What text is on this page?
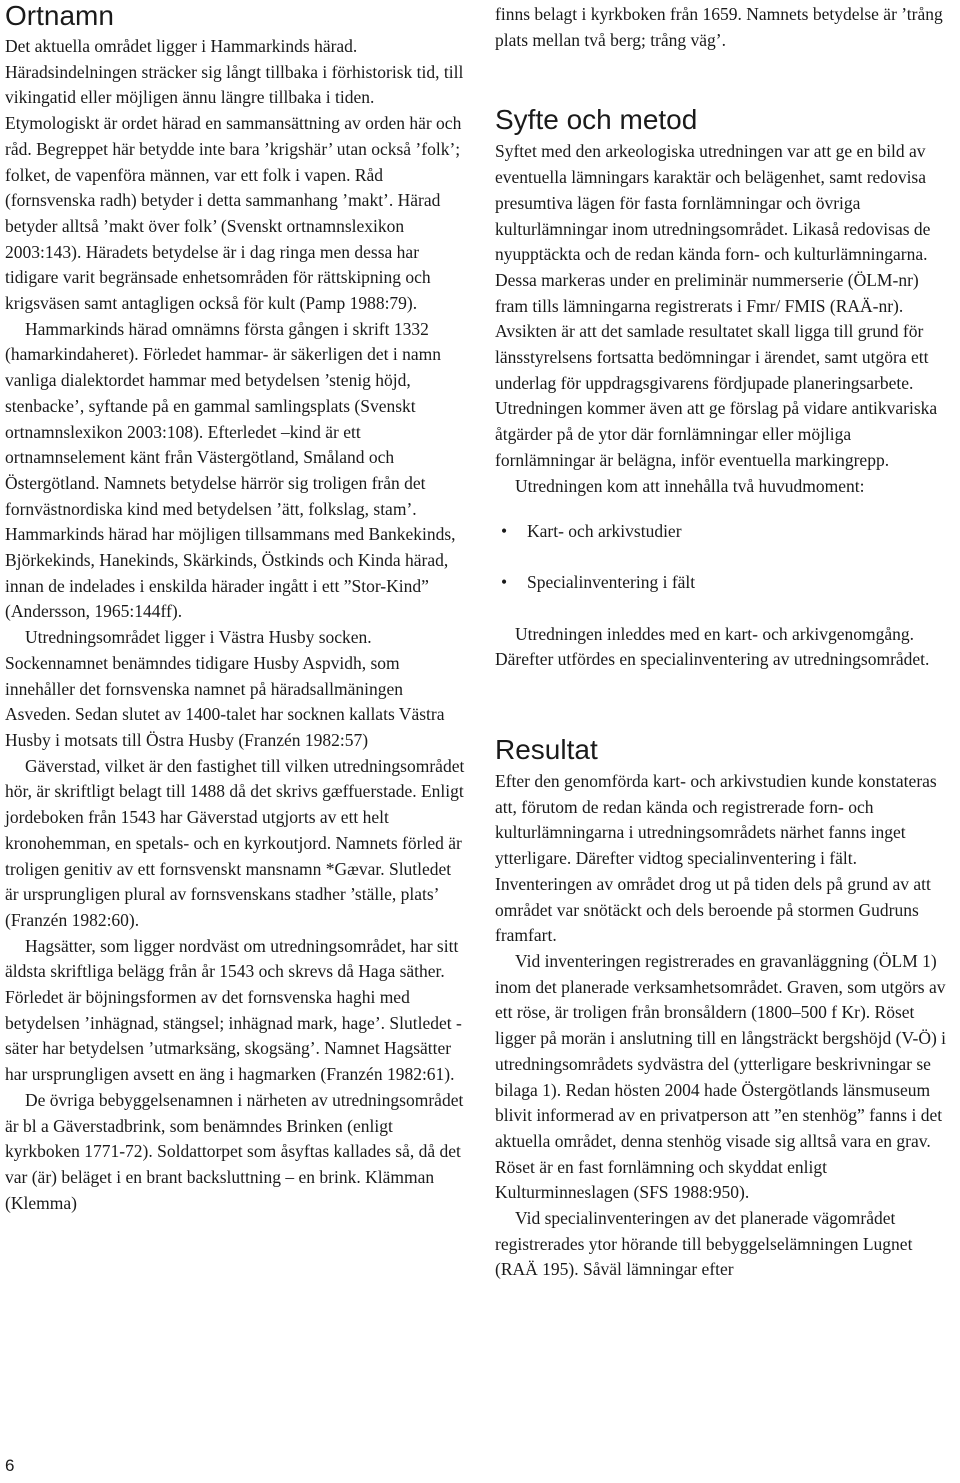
Ortnamn

Det aktuella området ligger i Hammarkinds härad. Häradsindelningen sträcker sig långt tillbaka i förhistorisk tid, till vikingatid eller möjligen ännu längre tillbaka i tiden. Etymologiskt är ordet härad en sammansättning av orden här och råd. Begreppet här betydde inte bara ’krigshär’ utan också ’folk’; folket, de vapenföra männen, var ett folk i vapen. Råd (fornsvenska radh) betyder i detta sammanhang ’makt’. Härad betyder alltså ’makt över folk’ (Svenskt ortnamnslexikon 2003:143). Häradets betydelse är i dag ringa men dessa har tidigare varit begränsade enhetsområden för rättskipning och krigsväsen samt antagligen också för kult (Pamp 1988:79).

Hammarkinds härad omnämns första gången i skrift 1332 (hamarkindaheret). Förledet hammar- är säkerligen det i namn vanliga dialektordet hammar med betydelsen ’stenig höjd, stenbacke’, syftande på en gammal samlingsplats (Svenskt ortnamnslexikon 2003:108). Efterledet –kind är ett ortnamnselement känt från Västergötland, Småland och Östergötland. Namnets betydelse härrör sig troligen från det fornvästnordiska kind med betydelsen ’ätt, folkslag, stam’. Hammarkinds härad har möjligen tillsammans med Bankekinds, Björkekinds, Hanekinds, Skärkinds, Östkinds och Kinda härad, innan de indelades i enskilda härader ingått i ett ”Stor-Kind” (Andersson, 1965:144ff).

Utredningsområdet ligger i Västra Husby socken. Sockennamnet benämndes tidigare Husby Aspvidh, som innehåller det fornsvenska namnet på häradsallmäningen Asveden. Sedan slutet av 1400-talet har socknen kallats Västra Husby i motsats till Östra Husby (Franzén 1982:57)

Gäverstad, vilket är den fastighet till vilken utredningsområdet hör, är skriftligt belagt till 1488 då det skrivs gæffuerstade. Enligt jordeboken från 1543 har Gäverstad utgjorts av ett helt kronohemman, en spetals- och en kyrkoutjord. Namnets förled är troligen genitiv av ett fornsvenskt mansnamn *Gævar. Slutledet är ursprungligen plural av fornsvenskans stadher ’ställe, plats’ (Franzén 1982:60).

Hagsätter, som ligger nordväst om utredningsområdet, har sitt äldsta skriftliga belägg från år 1543 och skrevs då Haga säther. Förledet är böjningsformen av det fornsvenska haghi med betydelsen ’inhägnad, stängsel; inhägnad mark, hage’. Slutledet -säter har betydelsen ’utmarksäng, skogsäng’. Namnet Hagsätter har ursprungligen avsett en äng i hagmarken (Franzén 1982:61).

De övriga bebyggelsenamnen i närheten av utredningsområdet är bl a Gäverstadbrink, som benämndes Brinken (enligt kyrkboken 1771-72). Soldattorpet som åsyftas kallades så, då det var (är) beläget i en brant backsluttning – en brink. Klämman (Klemma)

finns belagt i kyrkboken från 1659. Namnets betydelse är ’trång plats mellan två berg; trång väg’.

Syfte och metod

Syftet med den arkeologiska utredningen var att ge en bild av eventuella lämningars karaktär och belägenhet, samt redovisa presumtiva lägen för fasta fornlämningar och övriga kulturlämningar inom utredningsområdet. Likaså redovisas de nyupptäckta och de redan kända forn- och kulturlämningarna. Dessa markeras under en preliminär nummerserie (ÖLM-nr) fram tills lämningarna registrerats i Fmr/ FMIS (RAÄ-nr). Avsikten är att det samlade resultatet skall ligga till grund för länsstyrelsens fortsatta bedömningar i ärendet, samt utgöra ett underlag för uppdragsgivarens fördjupade planeringsarbete. Utredningen kommer även att ge förslag på vidare antikvariska åtgärder på de ytor där fornlämningar eller möjliga fornlämningar är belägna, inför eventuella markingrepp.

Utredningen kom att innehålla två huvudmoment:

• Kart- och arkivstudier
• Specialinventering i fält

Utredningen inleddes med en kart- och arkivgenomgång. Därefter utfördes en specialinventering av utredningsområdet.

Resultat

Efter den genomförda kart- och arkivstudien kunde konstateras att, förutom de redan kända och registrerade forn- och kulturlämningarna i utredningsområdets närhet fanns inget ytterligare. Därefter vidtog specialinventering i fält. Inventeringen av området drog ut på tiden dels på grund av att området var snötäckt och dels beroende på stormen Gudruns framfart.

Vid inventeringen registrerades en gravanläggning (ÖLM 1) inom det planerade verksamhetsområdet. Graven, som utgörs av ett röse, är troligen från bronsåldern (1800–500 f Kr). Röset ligger på morän i anslutning till en långsträckt bergshöjd (V-Ö) i utredningsområdets sydvästra del (ytterligare beskrivningar se bilaga 1). Redan hösten 2004 hade Östergötlands länsmuseum blivit informerad av en privatperson att ”en stenhög” fanns i det aktuella området, denna stenhög visade sig alltså vara en grav. Röset är en fast fornlämning och skyddat enligt Kulturminneslagen (SFS 1988:950).

Vid specialinventeringen av det planerade vägområdet registrerades ytor hörande till bebyggelselämningen Lugnet (RAÄ 195). Såväl lämningar efter

6
